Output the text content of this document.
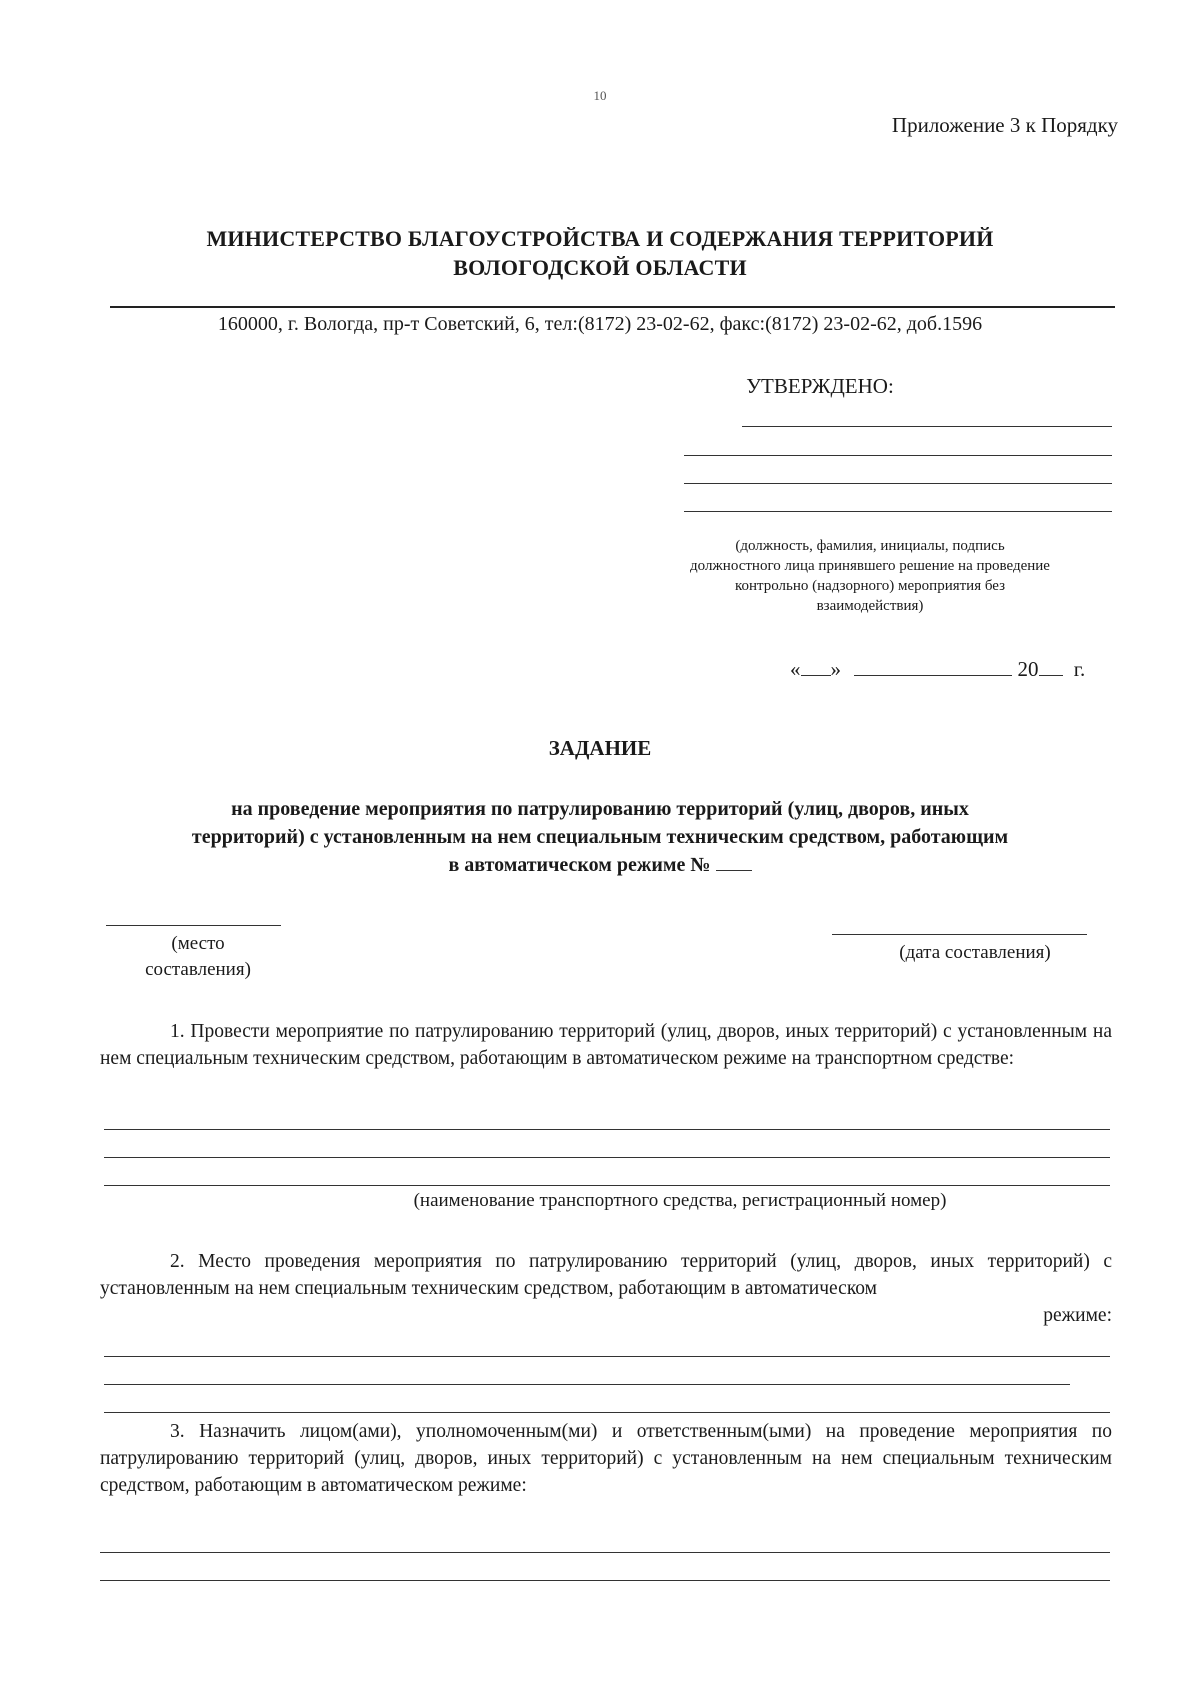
10
Приложение 3 к Порядку
МИНИСТЕРСТВО БЛАГОУСТРОЙСТВА И СОДЕРЖАНИЯ ТЕРРИТОРИЙ
ВОЛОГОДСКОЙ ОБЛАСТИ
160000, г. Вологда, пр-т Советский, 6, тел:(8172) 23-02-62, факс:(8172) 23-02-62, доб.1596
УТВЕРЖДЕНО:
(должность, фамилия, инициалы, подпись
должностного лица принявшего решение на проведение
контрольно (надзорного) мероприятия без
взаимодействия)
« »	20 г.
ЗАДАНИЕ
на проведение мероприятия по патрулированию территорий (улиц, дворов, иных
территорий) с установленным на нем специальным техническим средством, работающим
в автоматическом режиме №
(место
составления)
(дата составления)
1. Провести мероприятие по патрулированию территорий (улиц, дворов, иных территорий) с установленным на нем специальным техническим средством, работающим в автоматическом режиме на транспортном средстве:
(наименование транспортного средства, регистрационный номер)
2. Место проведения мероприятия по патрулированию территорий (улиц, дворов, иных территорий) с установленным на нем специальным техническим средством, работающим в автоматическом
режиме:
3. Назначить лицом(ами), уполномоченным(ми) и ответственным(ыми) на проведение мероприятия по патрулированию территорий (улиц, дворов, иных территорий) с установленным на нем специальным техническим средством, работающим в автоматическом режиме:
